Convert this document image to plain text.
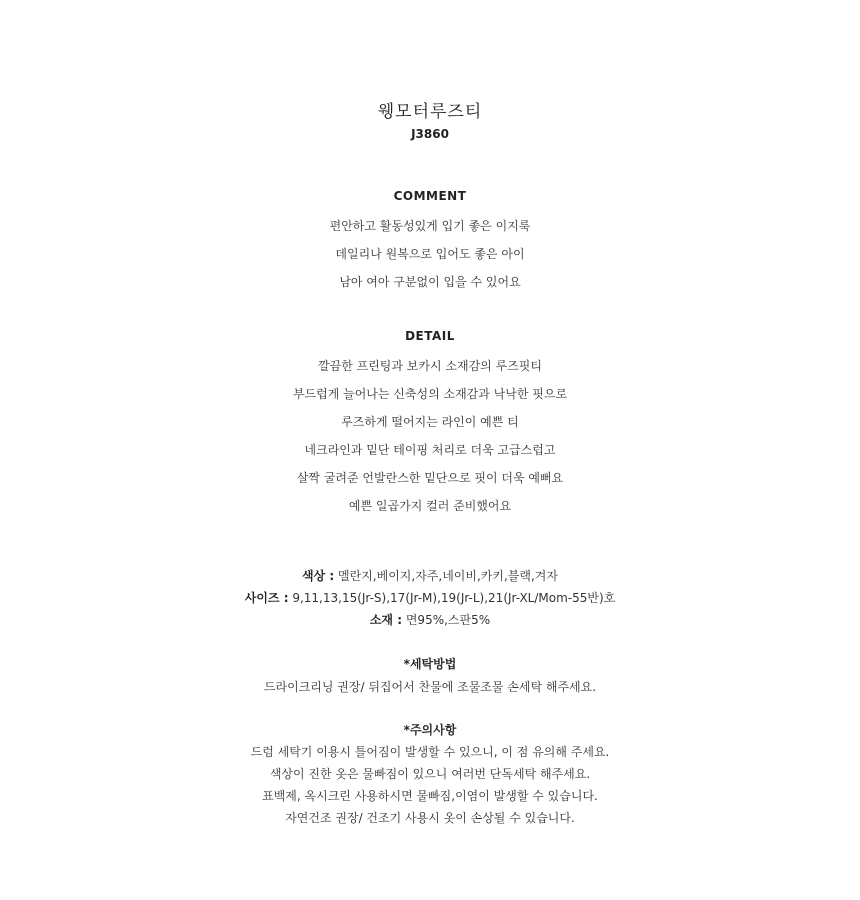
웽모터루즈티
J3860
COMMENT
편안하고 활동성있게 입기 좋은 이지룩
데일리나 원복으로 입어도 좋은 아이
남아 여아 구분없이 입을 수 있어요
DETAIL
깔끔한 프린팅과 보카시 소재감의 루즈핏티
부드럽게 늘어나는 신축성의 소재감과 낙낙한 핏으로
루즈하게 떨어지는 라인이 예쁜 티
네크라인과 밑단 테이핑 처리로 더욱 고급스럽고
살짝 굴려준 언발란스한 밑단으로 핏이 더욱 예뻐요
예쁜 일곱가지 컬러 준비했어요
색상 : 멜란지,베이지,자주,네이비,카키,블랙,겨자
사이즈 : 9,11,13,15(Jr-S),17(Jr-M),19(Jr-L),21(Jr-XL/Mom-55반)호
소재 : 면95%,스판5%
*세탁방법
드라이크리닝 권장/ 뒤집어서 찬물에 조물조물 손세탁 해주세요.
*주의사항
드럼 세탁기 이용시 틀어짐이 발생할 수 있으니, 이 점 유의해 주세요.
색상이 진한 옷은 물빠짐이 있으니 여러번 단독세탁 해주세요.
표백제, 옥시크린 사용하시면 물빠짐,이염이 발생할 수 있습니다.
자연건조 권장/ 건조기 사용시 옷이 손상될 수 있습니다.
